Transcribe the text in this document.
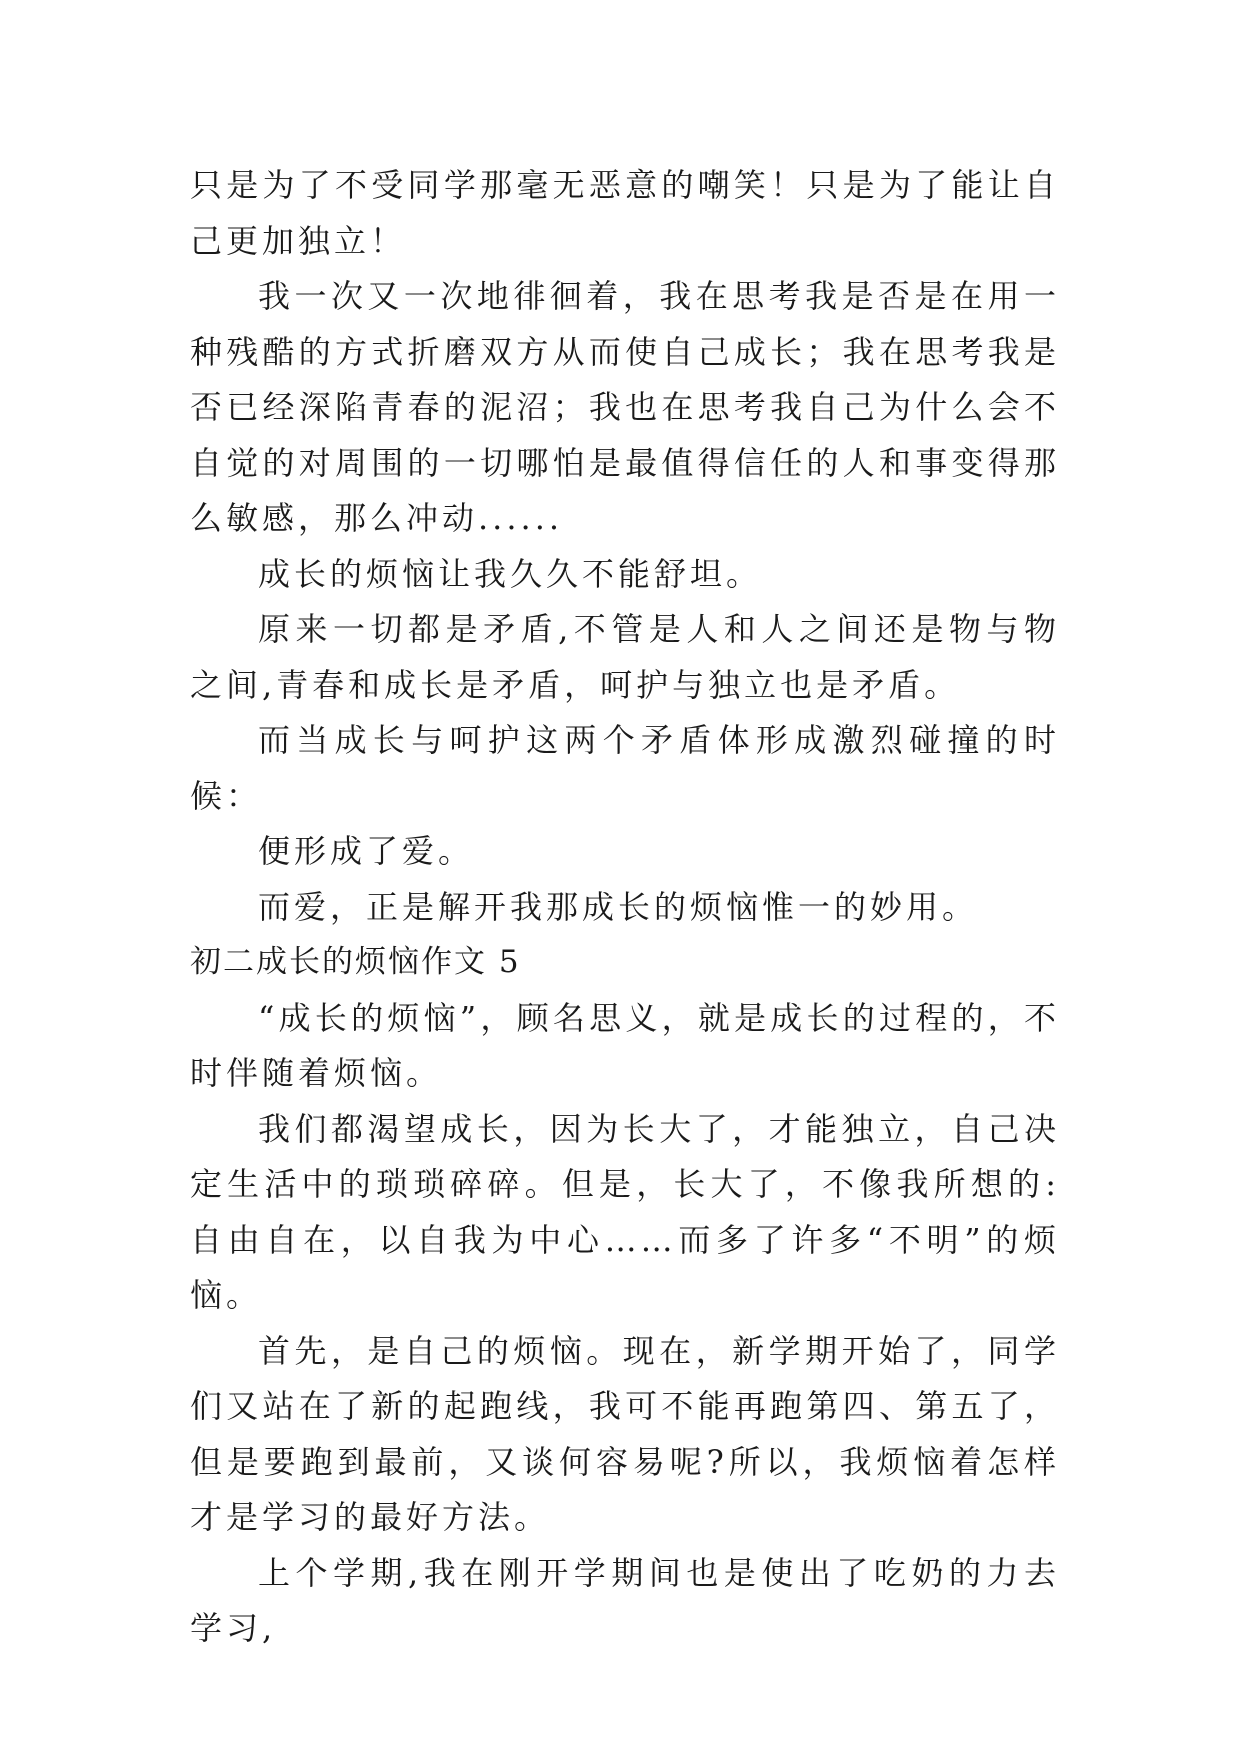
只是为了不受同学那毫无恶意的嘲笑！只是为了能让自己更加独立！

我一次又一次地徘徊着，我在思考我是否是在用一种残酷的方式折磨双方从而使自己成长；我在思考我是否已经深陷青春的泥沼；我也在思考我自己为什么会不自觉的对周围的一切哪怕是最值得信任的人和事变得那么敏感，那么冲动......

成长的烦恼让我久久不能舒坦。

原来一切都是矛盾,不管是人和人之间还是物与物之间,青春和成长是矛盾，呵护与独立也是矛盾。

而当成长与呵护这两个矛盾体形成激烈碰撞的时候：

便形成了爱。

而爱，正是解开我那成长的烦恼惟一的妙用。

初二成长的烦恼作文 5

“成长的烦恼”，顾名思义，就是成长的过程的，不时伴随着烦恼。

我们都渴望成长，因为长大了，才能独立，自己决定生活中的琐琐碎碎。但是，长大了，不像我所想的: 自由自在，以自我为中心……而多了许多“不明”的烦恼。

首先，是自己的烦恼。现在，新学期开始了，同学们又站在了新的起跑线，我可不能再跑第四、第五了，但是要跑到最前，又谈何容易呢?所以，我烦恼着怎样才是学习的最好方法。

上个学期,我在刚开学期间也是使出了吃奶的力去学习,
